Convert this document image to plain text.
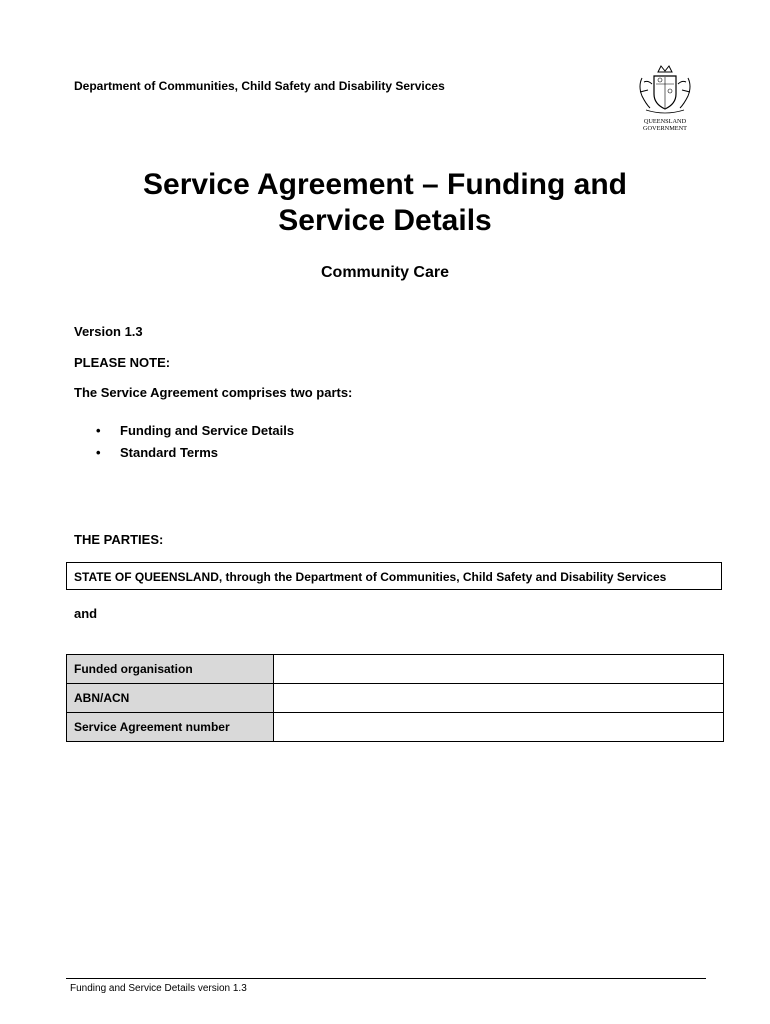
Department of Communities, Child Safety and Disability Services
QUEENSLAND
GOVERNMENT
Service Agreement – Funding and
Service Details
Community Care
Version 1.3
PLEASE NOTE:
The Service Agreement comprises two parts:
• Funding and Service Details
• Standard Terms
THE PARTIES:
STATE OF QUEENSLAND, through the Department of Communities, Child Safety and Disability Services
and
Funded organisation	
ABN/ACN	
Service Agreement number	
Funding and Service Details version 1.3
